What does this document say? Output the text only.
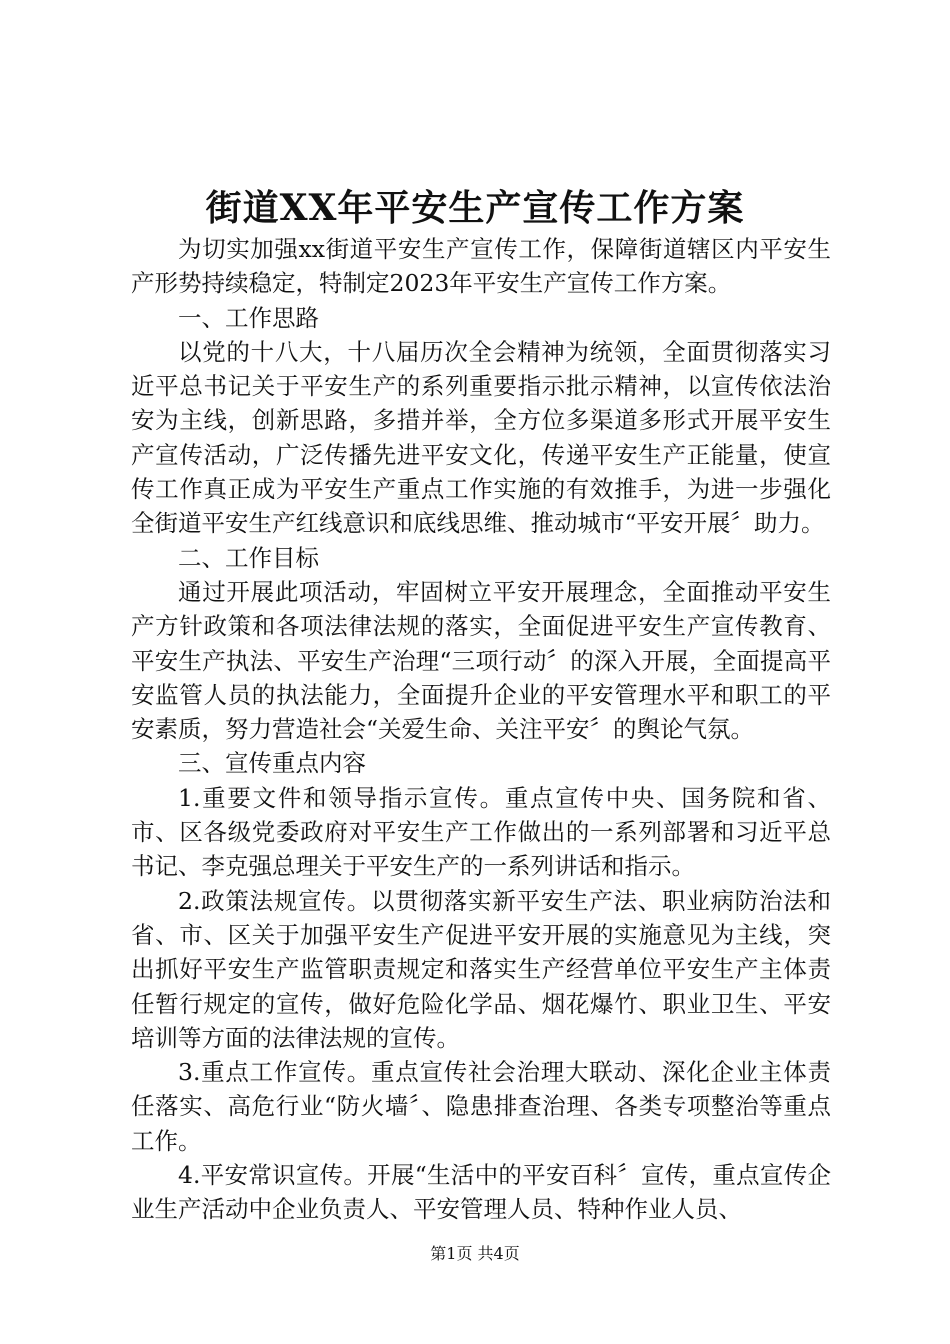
街道XX年平安生产宣传工作方案

为切实加强xx街道平安生产宣传工作，保障街道辖区内平安生产形势持续稳定，特制定2023年平安生产宣传工作方案。

一、工作思路

以党的十八大，十八届历次全会精神为统领，全面贯彻落实习近平总书记关于平安生产的系列重要指示批示精神，以宣传依法治安为主线，创新思路，多措并举，全方位多渠道多形式开展平安生产宣传活动，广泛传播先进平安文化，传递平安生产正能量，使宣传工作真正成为平安生产重点工作实施的有效推手，为进一步强化全街道平安生产红线意识和底线思维、推动城市“平安开展〞助力。

二、工作目标

通过开展此项活动，牢固树立平安开展理念，全面推动平安生产方针政策和各项法律法规的落实，全面促进平安生产宣传教育、平安生产执法、平安生产治理“三项行动〞的深入开展，全面提高平安监管人员的执法能力，全面提升企业的平安管理水平和职工的平安素质，努力营造社会“关爱生命、关注平安〞的舆论气氛。

三、宣传重点内容

1.重要文件和领导指示宣传。重点宣传中央、国务院和省、市、区各级党委政府对平安生产工作做出的一系列部署和习近平总书记、李克强总理关于平安生产的一系列讲话和指示。

2.政策法规宣传。以贯彻落实新平安生产法、职业病防治法和省、市、区关于加强平安生产促进平安开展的实施意见为主线，突出抓好平安生产监管职责规定和落实生产经营单位平安生产主体责任暂行规定的宣传，做好危险化学品、烟花爆竹、职业卫生、平安培训等方面的法律法规的宣传。

3.重点工作宣传。重点宣传社会治理大联动、深化企业主体责任落实、高危行业“防火墙〞、隐患排查治理、各类专项整治等重点工作。

4.平安常识宣传。开展“生活中的平安百科〞宣传，重点宣传企业生产活动中企业负责人、平安管理人员、特种作业人员、

第1页 共4页
